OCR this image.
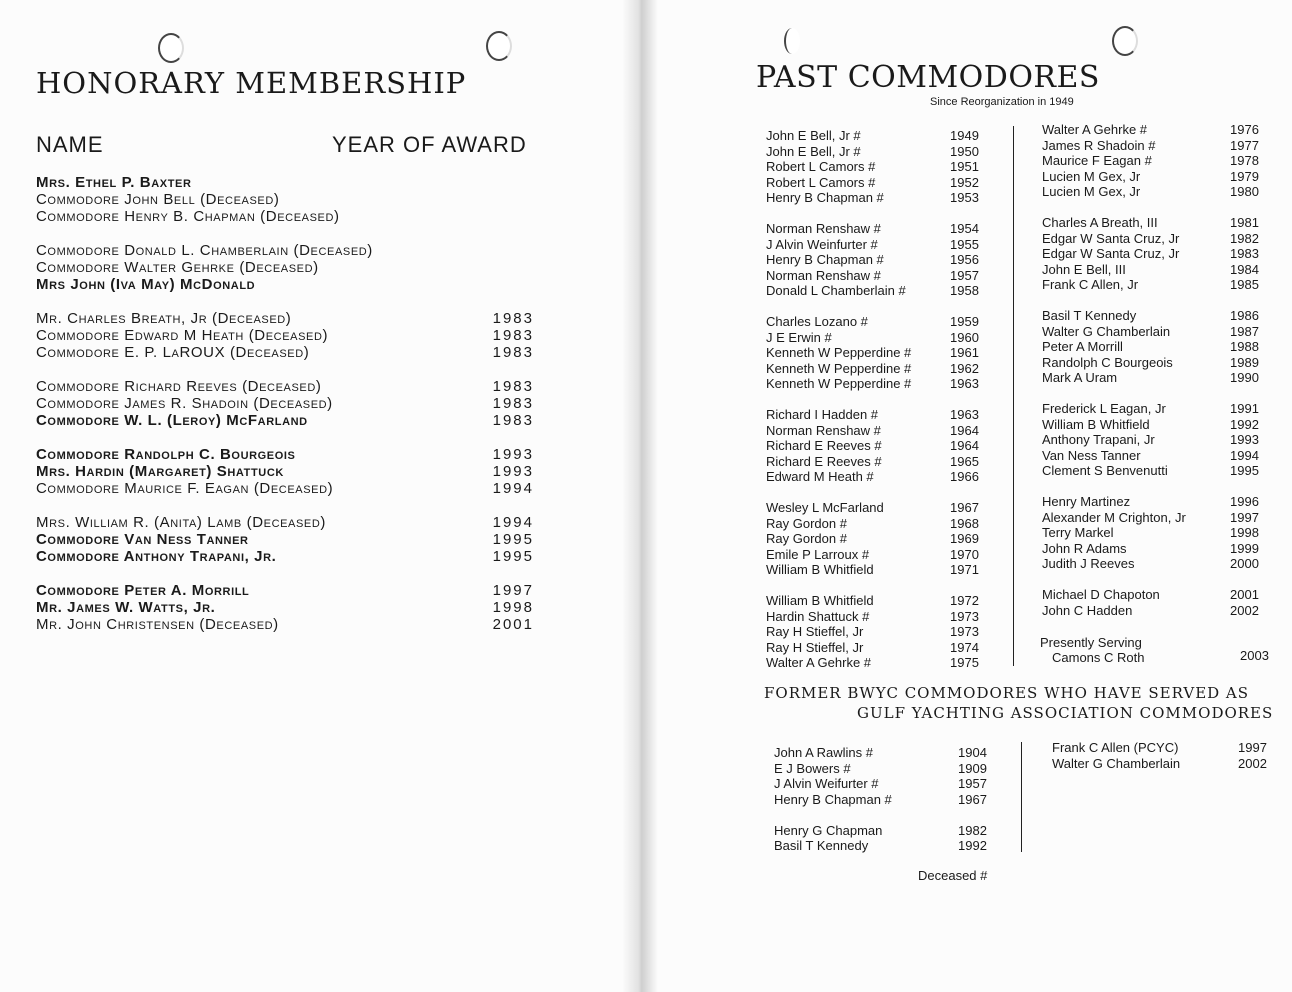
HONORARY MEMBERSHIP
NAME	YEAR OF AWARD
Mrs. Ethel P. Baxter
Commodore John Bell (Deceased)
Commodore Henry B. Chapman (Deceased)
Commodore Donald L. Chamberlain (Deceased)
Commodore Walter Gehrke (Deceased)
Mrs John (Iva May) McDonald
Mr. Charles Breath, Jr (Deceased)	1983
Commodore Edward M Heath (Deceased)	1983
Commodore E. P. LaROUX (Deceased)	1983
Commodore Richard Reeves (Deceased)	1983
Commodore James R. Shadoin (Deceased)	1983
Commodore W. L. (Leroy) McFarland	1983
Commodore Randolph C. Bourgeois	1993
Mrs. Hardin (Margaret) Shattuck	1993
Commodore Maurice F. Eagan (Deceased)	1994
Mrs. William R. (Anita) Lamb (Deceased)	1994
Commodore Van Ness Tanner	1995
Commodore Anthony Trapani, Jr.	1995
Commodore Peter A. Morrill	1997
Mr. James W. Watts, Jr.	1998
Mr. John Christensen (Deceased)	2001
PAST COMMODORES
Since Reorganization in 1949
John E Bell, Jr #	1949
John E Bell, Jr #	1950
Robert L Camors #	1951
Robert L Camors #	1952
Henry B Chapman #	1953
Norman Renshaw #	1954
J Alvin Weinfurter #	1955
Henry B Chapman #	1956
Norman Renshaw #	1957
Donald L Chamberlain #	1958
Charles Lozano #	1959
J E Erwin #	1960
Kenneth W Pepperdine #	1961
Kenneth W Pepperdine #	1962
Kenneth W Pepperdine #	1963
Richard I Hadden #	1963
Norman Renshaw #	1964
Richard E Reeves #	1964
Richard E Reeves #	1965
Edward M Heath #	1966
Wesley L McFarland	1967
Ray Gordon #	1968
Ray Gordon #	1969
Emile P Larroux #	1970
William B Whitfield	1971
William B Whitfield	1972
Hardin Shattuck #	1973
Ray H Stieffel, Jr	1973
Ray H Stieffel, Jr	1974
Walter A Gehrke #	1975
Walter A Gehrke #	1976
James R Shadoin #	1977
Maurice F Eagan #	1978
Lucien M Gex, Jr	1979
Lucien M Gex, Jr	1980
Charles A Breath, III	1981
Edgar W Santa Cruz, Jr	1982
Edgar W Santa Cruz, Jr	1983
John E Bell, III	1984
Frank C Allen, Jr	1985
Basil T Kennedy	1986
Walter G Chamberlain	1987
Peter A Morrill	1988
Randolph C Bourgeois	1989
Mark A Uram	1990
Frederick L Eagan, Jr	1991
William B Whitfield	1992
Anthony Trapani, Jr	1993
Van Ness Tanner	1994
Clement S Benvenutti	1995
Henry Martinez	1996
Alexander M Crighton, Jr	1997
Terry Markel	1998
John R Adams	1999
Judith J Reeves	2000
Michael D Chapoton	2001
John C Hadden	2002
Presently Serving
Camons C Roth	2003
FORMER BWYC COMMODORES WHO HAVE SERVED AS
GULF YACHTING ASSOCIATION COMMODORES
John A Rawlins #	1904
E J Bowers #	1909
J Alvin Weifurter #	1957
Henry B Chapman #	1967
Henry G Chapman	1982
Basil T Kennedy	1992
Frank C Allen (PCYC)	1997
Walter G Chamberlain	2002
Deceased #
